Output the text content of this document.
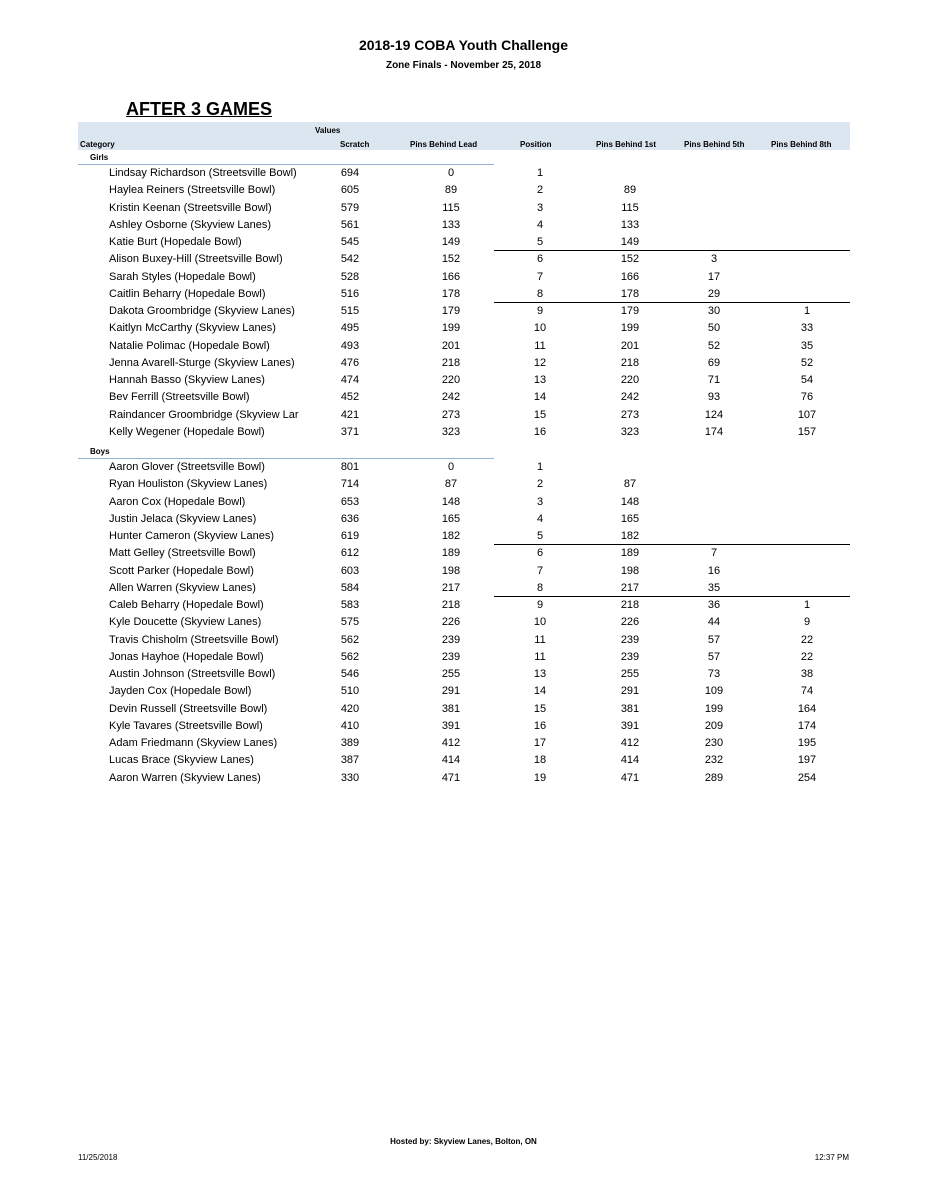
2018-19 COBA Youth Challenge
Zone Finals - November 25, 2018
AFTER 3 GAMES
Values
Category	Scratch	Pins Behind Lead	Position	Pins Behind 1st	Pins Behind 5th	Pins Behind 8th
Girls
Boys
Lindsay Richardson (Streetsville Bowl)	694	0	1
Haylea Reiners (Streetsville Bowl)	605	89	2	89
Kristin Keenan (Streetsville Bowl)	579	115	3	115
Ashley Osborne (Skyview Lanes)	561	133	4	133
Katie Burt (Hopedale Bowl)	545	149	5	149
Alison Buxey-Hill (Streetsville Bowl)	542	152	6	152	3
Sarah Styles (Hopedale Bowl)	528	166	7	166	17
Caitlin Beharry (Hopedale Bowl)	516	178	8	178	29
Dakota Groombridge (Skyview Lanes)	515	179	9	179	30	1
Kaitlyn McCarthy (Skyview Lanes)	495	199	10	199	50	33
Natalie Polimac (Hopedale Bowl)	493	201	11	201	52	35
Jenna Avarell-Sturge (Skyview Lanes)	476	218	12	218	69	52
Hannah Basso (Skyview Lanes)	474	220	13	220	71	54
Bev Ferrill (Streetsville Bowl)	452	242	14	242	93	76
Raindancer Groombridge (Skyview Lar	421	273	15	273	124	107
Kelly Wegener (Hopedale Bowl)	371	323	16	323	174	157
Aaron Glover (Streetsville Bowl)	801	0	1
Ryan Houliston (Skyview Lanes)	714	87	2	87
Aaron Cox (Hopedale Bowl)	653	148	3	148
Justin Jelaca (Skyview Lanes)	636	165	4	165
Hunter Cameron (Skyview Lanes)	619	182	5	182
Matt Gelley (Streetsville Bowl)	612	189	6	189	7
Scott Parker (Hopedale Bowl)	603	198	7	198	16
Allen Warren (Skyview Lanes)	584	217	8	217	35
Caleb Beharry (Hopedale Bowl)	583	218	9	218	36	1
Kyle Doucette (Skyview Lanes)	575	226	10	226	44	9
Travis Chisholm (Streetsville Bowl)	562	239	11	239	57	22
Jonas Hayhoe (Hopedale Bowl)	562	239	11	239	57	22
Austin Johnson (Streetsville Bowl)	546	255	13	255	73	38
Jayden Cox (Hopedale Bowl)	510	291	14	291	109	74
Devin Russell (Streetsville Bowl)	420	381	15	381	199	164
Kyle Tavares (Streetsville Bowl)	410	391	16	391	209	174
Adam Friedmann (Skyview Lanes)	389	412	17	412	230	195
Lucas Brace (Skyview Lanes)	387	414	18	414	232	197
Aaron Warren (Skyview Lanes)	330	471	19	471	289	254
Hosted by: Skyview Lanes, Bolton, ON
11/25/2018	12:37 PM
